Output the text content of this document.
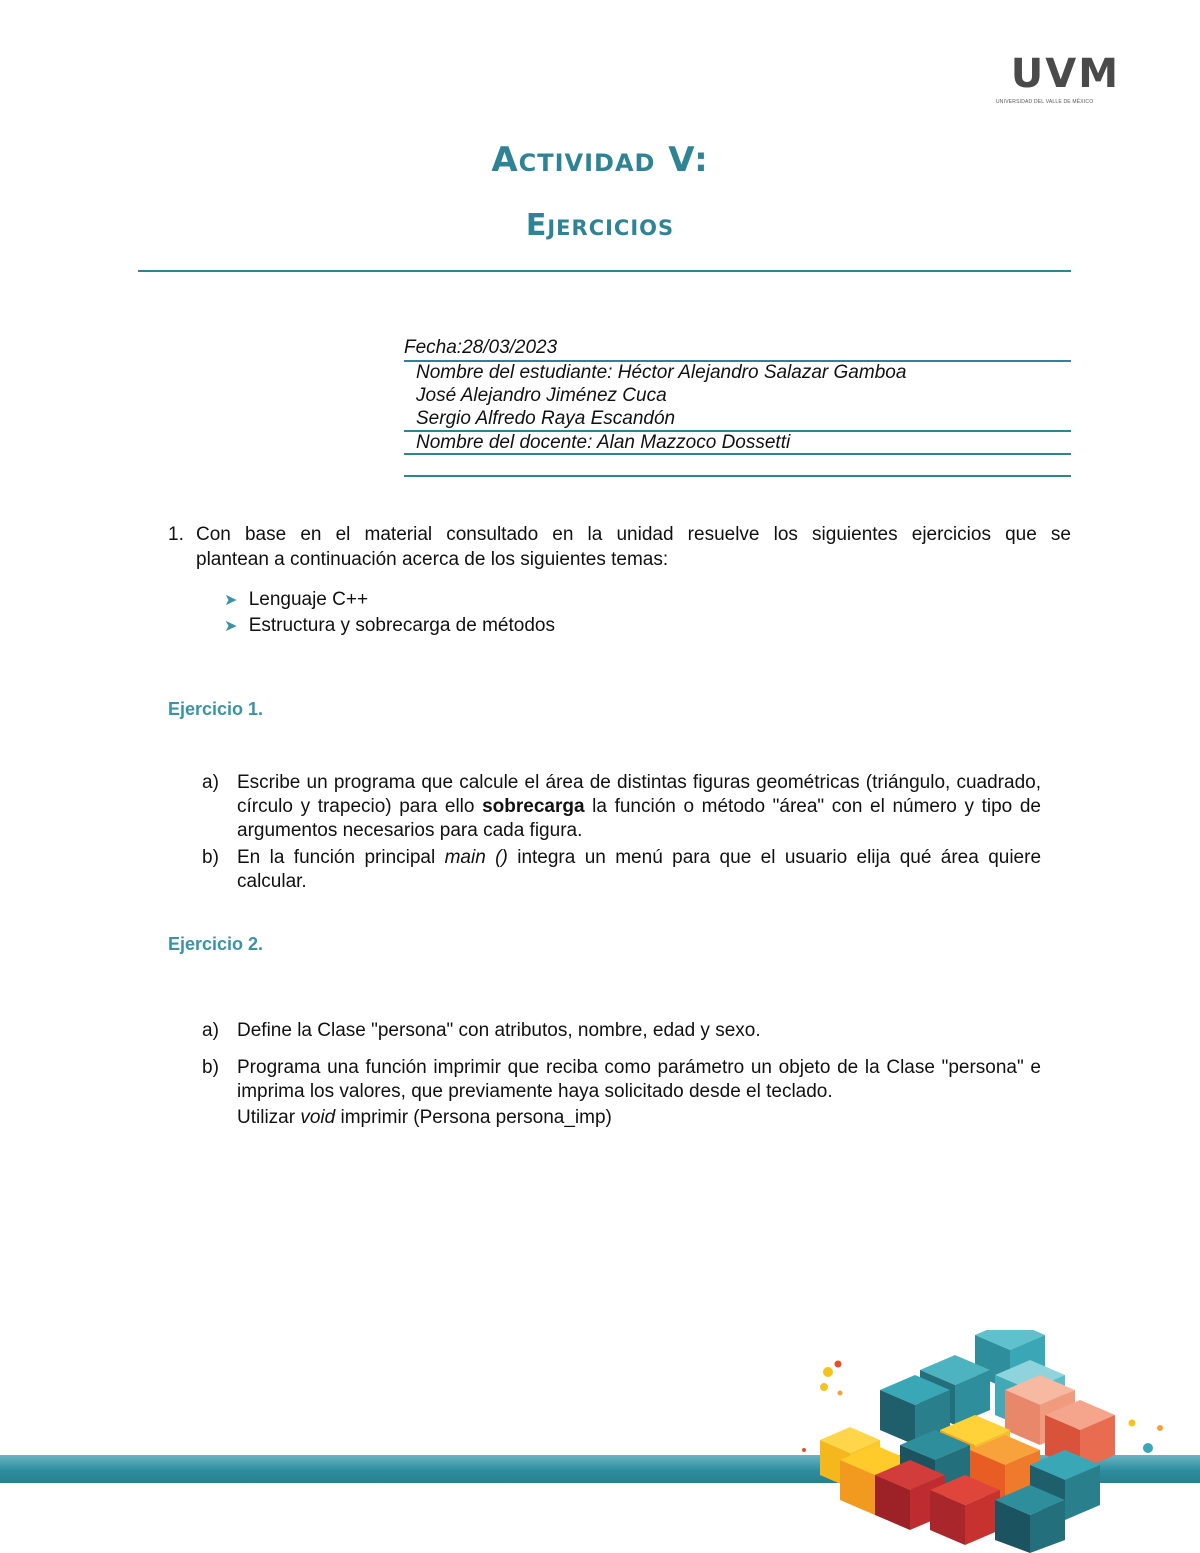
UVM
UNIVERSIDAD DEL VALLE DE MÉXICO
Actividad V:
Ejercicios
Fecha:28/03/2023
Nombre del estudiante: Héctor Alejandro Salazar Gamboa
José Alejandro Jiménez Cuca
Sergio Alfredo Raya Escandón
Nombre del docente: Alan Mazzoco Dossetti
1. Con base en el material consultado en la unidad resuelve los siguientes ejercicios que se
plantean a continuación acerca de los siguientes temas:
➤ Lenguaje C++
➤ Estructura y sobrecarga de métodos
Ejercicio 1.
a) Escribe un programa que calcule el área de distintas figuras geométricas (triángulo, cuadrado, círculo y trapecio) para ello sobrecarga la función o método "área" con el número y tipo de argumentos necesarios para cada figura.
b) En la función principal main () integra un menú para que el usuario elija qué área quiere calcular.
Ejercicio 2.
a) Define la Clase "persona" con atributos, nombre, edad y sexo.
b) Programa una función imprimir que reciba como parámetro un objeto de la Clase "persona" e imprima los valores, que previamente haya solicitado desde el teclado.
Utilizar void imprimir (Persona persona_imp)
